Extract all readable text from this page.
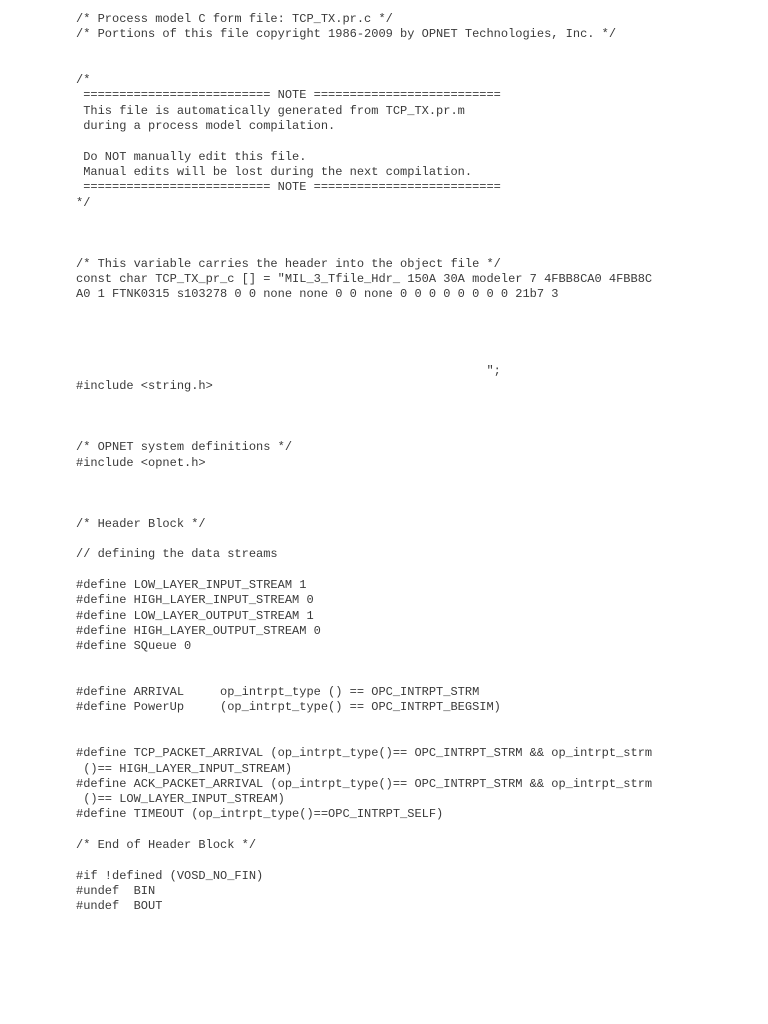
/* Process model C form file: TCP_TX.pr.c */
/* Portions of this file copyright 1986-2009 by OPNET Technologies, Inc. */
/*
========================== NOTE ==========================
This file is automatically generated from TCP_TX.pr.m
during a process model compilation.
Do NOT manually edit this file.
Manual edits will be lost during the next compilation.
========================== NOTE ==========================
*/
/* This variable carries the header into the object file */
const char TCP_TX_pr_c [] = "MIL_3_Tfile_Hdr_ 150A 30A modeler 7 4FBB8CA0 4FBB8C
A0 1 FTNK0315 s103278 0 0 none none 0 0 none 0 0 0 0 0 0 0 0 21b7 3
";
#include <string.h>
/* OPNET system definitions */
#include <opnet.h>
/* Header Block */
// defining the data streams
#define LOW_LAYER_INPUT_STREAM 1
#define HIGH_LAYER_INPUT_STREAM 0
#define LOW_LAYER_OUTPUT_STREAM 1
#define HIGH_LAYER_OUTPUT_STREAM 0
#define SQueue 0
#define ARRIVAL     op_intrpt_type () == OPC_INTRPT_STRM
#define PowerUp     (op_intrpt_type() == OPC_INTRPT_BEGSIM)
#define TCP_PACKET_ARRIVAL (op_intrpt_type()== OPC_INTRPT_STRM && op_intrpt_strm
()== HIGH_LAYER_INPUT_STREAM)
#define ACK_PACKET_ARRIVAL (op_intrpt_type()== OPC_INTRPT_STRM && op_intrpt_strm
()== LOW_LAYER_INPUT_STREAM)
#define TIMEOUT (op_intrpt_type()==OPC_INTRPT_SELF)
/* End of Header Block */
#if !defined (VOSD_NO_FIN)
#undef  BIN
#undef  BOUT
